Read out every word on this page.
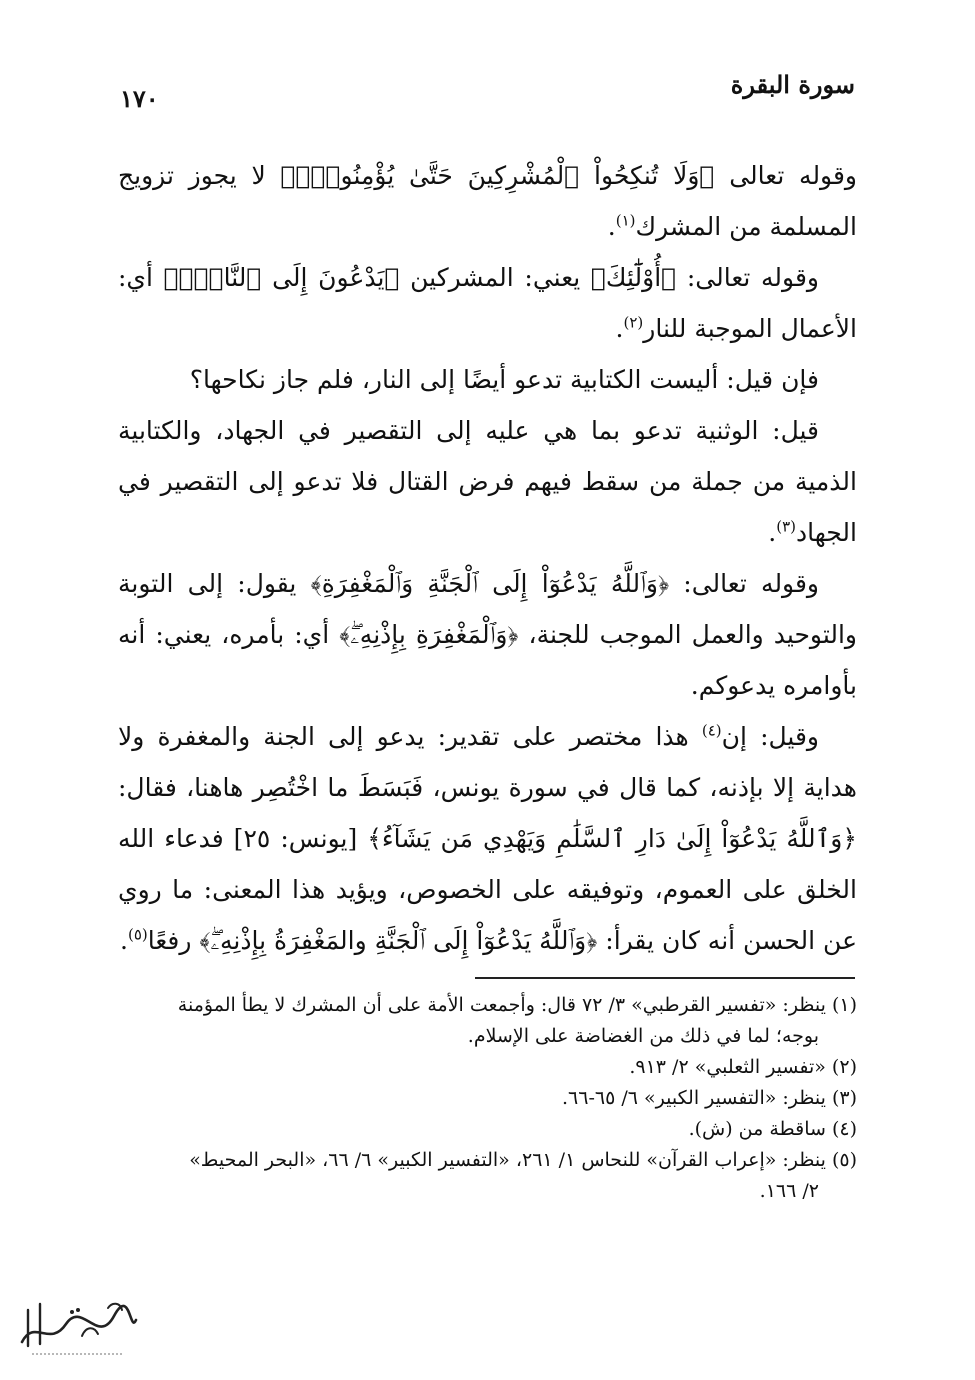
سورة البقرة
١٧٠

وقوله تعالى ﴿وَلَا تُنكِحُواْ ٱلْمُشْرِكِينَ حَتَّىٰ يُؤْمِنُواْۚ﴾ لا يجوز تزويج المسلمة من المشرك$^{(١)}$.

وقوله تعالى: ﴿أُوْلَٰٓئِكَ﴾ يعني: المشركين ﴿يَدْعُونَ إِلَى ٱلنَّارِۖ﴾ أي: الأعمال الموجبة للنار$^{(٢)}$.

فإن قيل: أليست الكتابية تدعو أيضًا إلى النار، فلم جاز نكاحها؟

قيل: الوثنية تدعو بما هي عليه إلى التقصير في الجهاد، والكتابية الذمية من جملة من سقط فيهم فرض القتال فلا تدعو إلى التقصير في الجهاد$^{(٣)}$.

وقوله تعالى: ﴿وَٱللَّهُ يَدْعُوٓاْ إِلَى ٱلْجَنَّةِ وَٱلْمَغْفِرَةِ﴾ يقول: إلى التوبة والتوحيد والعمل الموجب للجنة، ﴿وَٱلْمَغْفِرَةِ بِإِذْنِهِۦۖ﴾ أي: بأمره، يعني: أنه بأوامره يدعوكم.

وقيل: إن$^{(٤)}$ هذا مختصر على تقدير: يدعو إلى الجنة والمغفرة ولا هداية إلا بإذنه، كما قال في سورة يونس، فَبَسَطَ ما اخْتُصِر هاهنا، فقال: ﴿وَٱللَّهُ يَدْعُوٓاْ إِلَىٰ دَارِ ٱلسَّلَٰمِ وَيَهْدِي مَن يَشَآءُ﴾ [يونس: ٢٥] فدعاء الله الخلق على العموم، وتوفيقه على الخصوص، ويؤيد هذا المعنى: ما روي عن الحسن أنه كان يقرأ: ﴿وَٱللَّهُ يَدْعُوٓاْ إِلَى ٱلْجَنَّةِ والمَغْفِرَةُ بِإِذْنِهِۦۖ﴾ رفعًا$^{(٥)}$.

(١) ينظر: «تفسير القرطبي» ٣/ ٧٢ قال: وأجمعت الأمة على أن المشرك لا يطأ المؤمنة

بوجه؛ لما في ذلك من الغضاضة على الإسلام.

(٢) «تفسير الثعلبي» ٢/ ٩١٣.

(٣) ينظر: «التفسير الكبير» ٦/ ٦٥-٦٦.

(٤) ساقطة من (ش).

(٥) ينظر: «إعراب القرآن» للنحاس ١/ ٢٦١، «التفسير الكبير» ٦/ ٦٦، «البحر المحيط»

٢/ ١٦٦.
